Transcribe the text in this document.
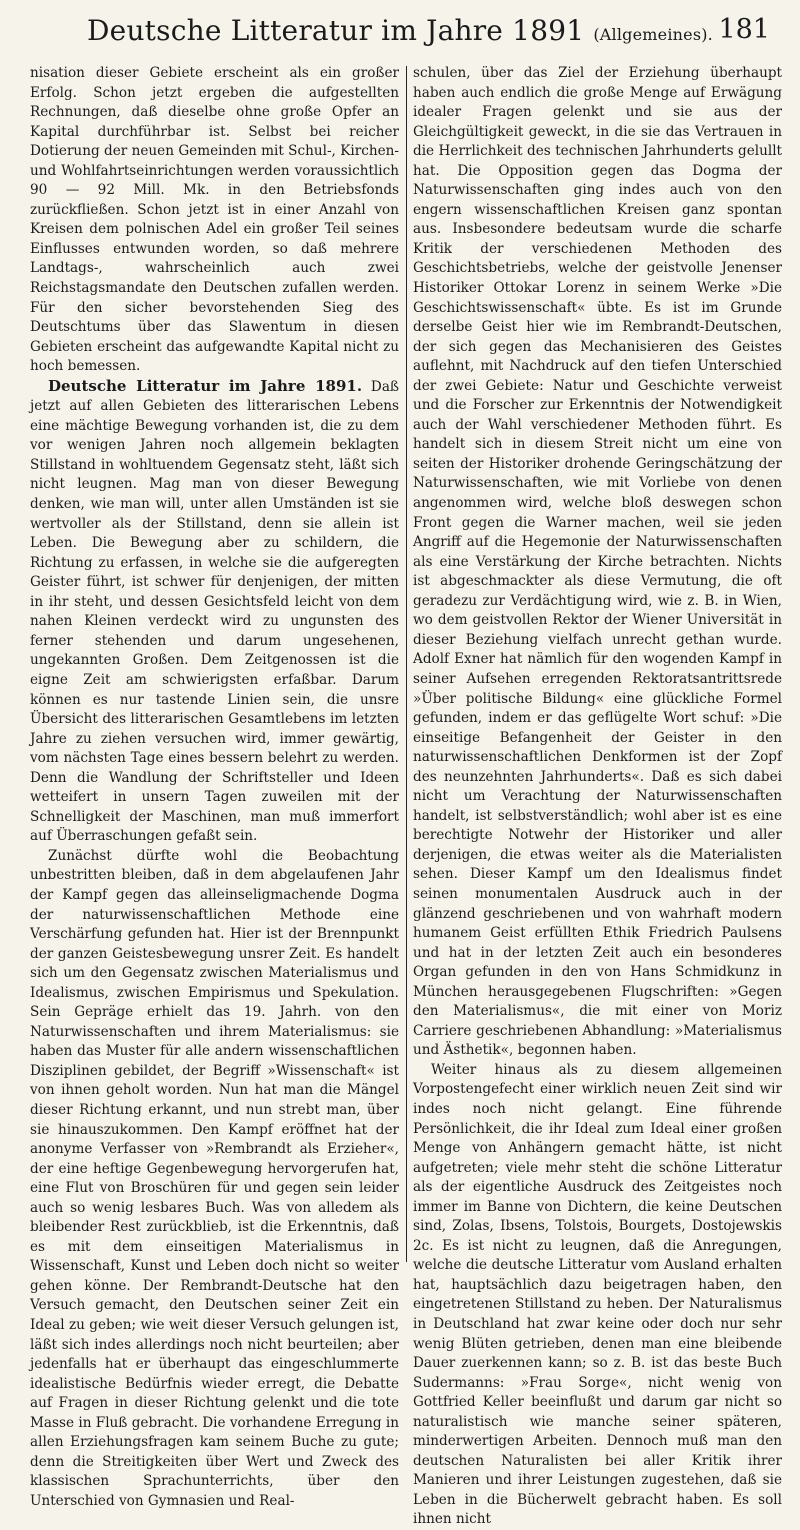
Deutsche Litteratur im Jahre 1891 (Allgemeines). 181

nisation dieser Gebiete erscheint als ein großer Erfolg. Schon jetzt ergeben die aufgestellten Rechnungen, daß dieselbe ohne große Opfer an Kapital durchführbar ist. Selbst bei reicher Dotierung der neuen Gemeinden mit Schul-, Kirchen- und Wohlfahrtseinrichtungen werden voraussichtlich 90 — 92 Mill. Mk. in den Betriebsfonds zurückfließen. Schon jetzt ist in einer Anzahl von Kreisen dem polnischen Adel ein großer Teil seines Einflusses entwunden worden, so daß mehrere Landtags-, wahrscheinlich auch zwei Reichstagsmandate den Deutschen zufallen werden. Für den sicher bevorstehenden Sieg des Deutschtums über das Slawentum in diesen Gebieten erscheint das aufgewandte Kapital nicht zu hoch bemessen.

Deutsche Litteratur im Jahre 1891. Daß jetzt auf allen Gebieten des litterarischen Lebens eine mächtige Bewegung vorhanden ist, die zu dem vor wenigen Jahren noch allgemein beklagten Stillstand in wohltuendem Gegensatz steht, läßt sich nicht leugnen. Mag man von dieser Bewegung denken, wie man will, unter allen Umständen ist sie wertvoller als der Stillstand, denn sie allein ist Leben. Die Bewegung aber zu schildern, die Richtung zu erfassen, in welche sie die aufgeregten Geister führt, ist schwer für denjenigen, der mitten in ihr steht, und dessen Gesichtsfeld leicht von dem nahen Kleinen verdeckt wird zu ungunsten des ferner stehenden und darum ungesehenen, ungekannten Großen. Dem Zeitgenossen ist die eigne Zeit am schwierigsten erfaßbar. Darum können es nur tastende Linien sein, die unsre Übersicht des litterarischen Gesamtlebens im letzten Jahre zu ziehen versuchen wird, immer gewärtig, vom nächsten Tage eines bessern belehrt zu werden. Denn die Wandlung der Schriftsteller und Ideen wetteifert in unsern Tagen zuweilen mit der Schnelligkeit der Maschinen, man muß immerfort auf Überraschungen gefaßt sein.

Zunächst dürfte wohl die Beobachtung unbestritten bleiben, daß in dem abgelaufenen Jahr der Kampf gegen das alleinseligmachende Dogma der naturwissenschaftlichen Methode eine Verschärfung gefunden hat. Hier ist der Brennpunkt der ganzen Geistesbewegung unsrer Zeit. Es handelt sich um den Gegensatz zwischen Materialismus und Idealismus, zwischen Empirismus und Spekulation. Sein Gepräge erhielt das 19. Jahrh. von den Naturwissenschaften und ihrem Materialismus: sie haben das Muster für alle andern wissenschaftlichen Disziplinen gebildet, der Begriff »Wissenschaft« ist von ihnen geholt worden. Nun hat man die Mängel dieser Richtung erkannt, und nun strebt man, über sie hinauszukommen. Den Kampf eröffnet hat der anonyme Verfasser von »Rembrandt als Erzieher«, der eine heftige Gegenbewegung hervorgerufen hat, eine Flut von Broschüren für und gegen sein leider auch so wenig lesbares Buch. Was von alledem als bleibender Rest zurückblieb, ist die Erkenntnis, daß es mit dem einseitigen Materialismus in Wissenschaft, Kunst und Leben doch nicht so weiter gehen könne. Der Rembrandt-Deutsche hat den Versuch gemacht, den Deutschen seiner Zeit ein Ideal zu geben; wie weit dieser Versuch gelungen ist, läßt sich indes allerdings noch nicht beurteilen; aber jedenfalls hat er überhaupt das eingeschlummerte idealistische Bedürfnis wieder erregt, die Debatte auf Fragen in dieser Richtung gelenkt und die tote Masse in Fluß gebracht. Die vorhandene Erregung in allen Erziehungsfragen kam seinem Buche zu gute; denn die Streitigkeiten über Wert und Zweck des klassischen Sprachunterrichts, über den Unterschied von Gymnasien und Real-

schulen, über das Ziel der Erziehung überhaupt haben auch endlich die große Menge auf Erwägung idealer Fragen gelenkt und sie aus der Gleichgültigkeit geweckt, in die sie das Vertrauen in die Herrlichkeit des technischen Jahrhunderts gelullt hat. Die Opposition gegen das Dogma der Naturwissenschaften ging indes auch von den engern wissenschaftlichen Kreisen ganz spontan aus. Insbesondere bedeutsam wurde die scharfe Kritik der verschiedenen Methoden des Geschichtsbetriebs, welche der geistvolle Jenenser Historiker Ottokar Lorenz in seinem Werke »Die Geschichtswissenschaft« übte. Es ist im Grunde derselbe Geist hier wie im Rembrandt-Deutschen, der sich gegen das Mechanisieren des Geistes auflehnt, mit Nachdruck auf den tiefen Unterschied der zwei Gebiete: Natur und Geschichte verweist und die Forscher zur Erkenntnis der Notwendigkeit auch der Wahl verschiedener Methoden führt. Es handelt sich in diesem Streit nicht um eine von seiten der Historiker drohende Geringschätzung der Naturwissenschaften, wie mit Vorliebe von denen angenommen wird, welche bloß deswegen schon Front gegen die Warner machen, weil sie jeden Angriff auf die Hegemonie der Naturwissenschaften als eine Verstärkung der Kirche betrachten. Nichts ist abgeschmackter als diese Vermutung, die oft geradezu zur Verdächtigung wird, wie z. B. in Wien, wo dem geistvollen Rektor der Wiener Universität in dieser Beziehung vielfach unrecht gethan wurde. Adolf Exner hat nämlich für den wogenden Kampf in seiner Aufsehen erregenden Rektoratsantrittsrede »Über politische Bildung« eine glückliche Formel gefunden, indem er das geflügelte Wort schuf: »Die einseitige Befangenheit der Geister in den naturwissenschaftlichen Denkformen ist der Zopf des neunzehnten Jahrhunderts«. Daß es sich dabei nicht um Verachtung der Naturwissenschaften handelt, ist selbstverständlich; wohl aber ist es eine berechtigte Notwehr der Historiker und aller derjenigen, die etwas weiter als die Materialisten sehen. Dieser Kampf um den Idealismus findet seinen monumentalen Ausdruck auch in der glänzend geschriebenen und von wahrhaft modern humanem Geist erfüllten Ethik Friedrich Paulsens und hat in der letzten Zeit auch ein besonderes Organ gefunden in den von Hans Schmidkunz in München herausgegebenen Flugschriften: »Gegen den Materialismus«, die mit einer von Moriz Carriere geschriebenen Abhandlung: »Materialismus und Ästhetik«, begonnen haben.

Weiter hinaus als zu diesem allgemeinen Vorpostengefecht einer wirklich neuen Zeit sind wir indes noch nicht gelangt. Eine führende Persönlichkeit, die ihr Ideal zum Ideal einer großen Menge von Anhängern gemacht hätte, ist nicht aufgetreten; viele mehr steht die schöne Litteratur als der eigentliche Ausdruck des Zeitgeistes noch immer im Banne von Dichtern, die keine Deutschen sind, Zolas, Ibsens, Tolstois, Bourgets, Dostojewskis 2c. Es ist nicht zu leugnen, daß die Anregungen, welche die deutsche Litteratur vom Ausland erhalten hat, hauptsächlich dazu beigetragen haben, den eingetretenen Stillstand zu heben. Der Naturalismus in Deutschland hat zwar keine oder doch nur sehr wenig Blüten getrieben, denen man eine bleibende Dauer zuerkennen kann; so z. B. ist das beste Buch Sudermanns: »Frau Sorge«, nicht wenig von Gottfried Keller beeinflußt und darum gar nicht so naturalistisch wie manche seiner späteren, minderwertigen Arbeiten. Dennoch muß man den deutschen Naturalisten bei aller Kritik ihrer Manieren und ihrer Leistungen zugestehen, daß sie Leben in die Bücherwelt gebracht haben. Es soll ihnen nicht
